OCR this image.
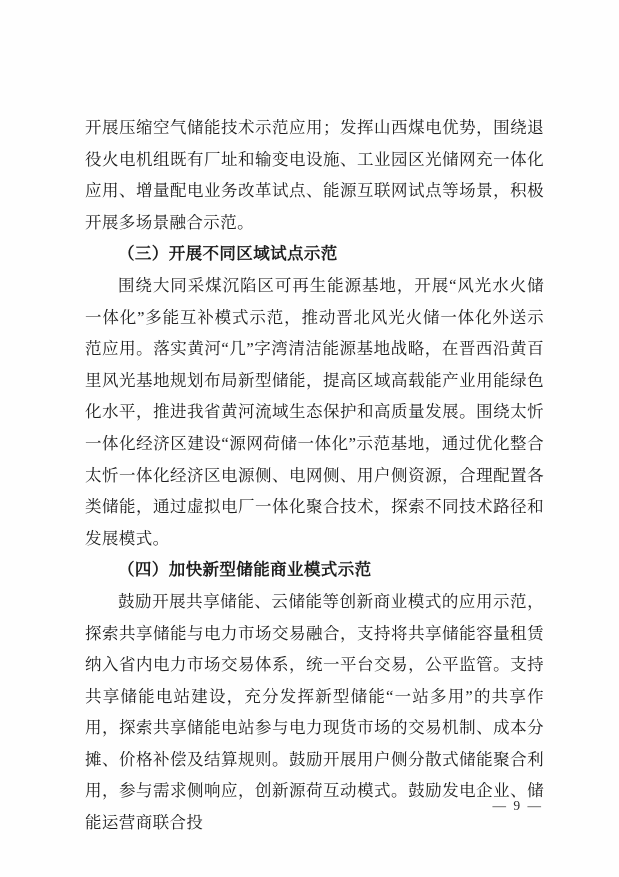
开展压缩空气储能技术示范应用；发挥山西煤电优势，围绕退役火电机组既有厂址和输变电设施、工业园区光储网充一体化应用、增量配电业务改革试点、能源互联网试点等场景，积极开展多场景融合示范。

（三）开展不同区域试点示范

围绕大同采煤沉陷区可再生能源基地，开展“风光水火储一体化”多能互补模式示范，推动晋北风光火储一体化外送示范应用。落实黄河“几”字湾清洁能源基地战略，在晋西沿黄百里风光基地规划布局新型储能，提高区域高载能产业用能绿色化水平，推进我省黄河流域生态保护和高质量发展。围绕太忻一体化经济区建设“源网荷储一体化”示范基地，通过优化整合太忻一体化经济区电源侧、电网侧、用户侧资源，合理配置各类储能，通过虚拟电厂一体化聚合技术，探索不同技术路径和发展模式。

（四）加快新型储能商业模式示范

鼓励开展共享储能、云储能等创新商业模式的应用示范，探索共享储能与电力市场交易融合，支持将共享储能容量租赁纳入省内电力市场交易体系，统一平台交易，公平监管。支持共享储能电站建设，充分发挥新型储能“一站多用”的共享作用，探索共享储能电站参与电力现货市场的交易机制、成本分摊、价格补偿及结算规则。鼓励开展用户侧分散式储能聚合利用，参与需求侧响应，创新源荷互动模式。鼓励发电企业、储能运营商联合投

— 9 —
